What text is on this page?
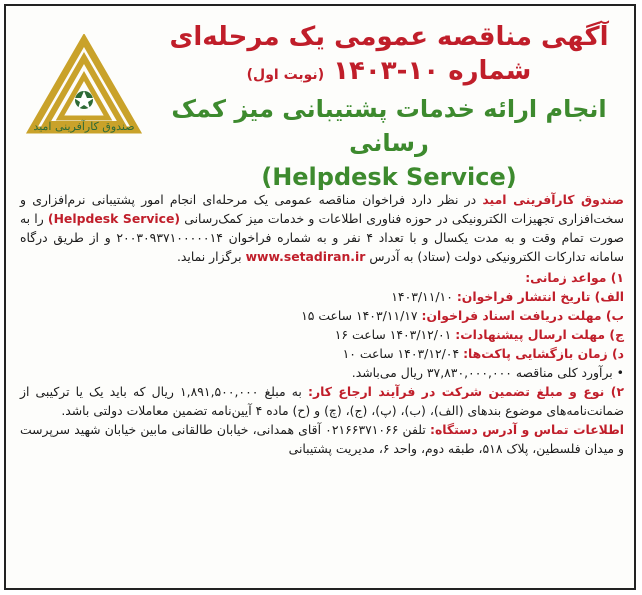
صندوق کارآفرینی امید
آگهی مناقصه عمومی یک مرحله‌ای
شماره ۱۰-۱۴۰۳ (نوبت اول)
انجام ارائه خدمات پشتیبانی میز کمک رسانی
(Helpdesk Service)

صندوق کارآفرینی امید در نظر دارد فراخوان مناقصه عمومی یک مرحله‌ای انجام امور پشتیبانی نرم‌افزاری و سخت‌افزاری تجهیزات الکترونیکی در حوزه فناوری اطلاعات و خدمات میز کمک‌رسانی (Helpdesk Service) را به صورت تمام وقت و به مدت یکسال و با تعداد ۴ نفر و به شماره فراخوان ۲۰۰۳۰۹۳۷۱۰۰۰۰۰۱۴ و از طریق درگاه سامانه تدارکات الکترونیکی دولت (ستاد) به آدرس www.setadiran.ir برگزار نماید.

۱) مواعد زمانی:
الف) تاریخ انتشار فراخوان: ۱۴۰۳/۱۱/۱۰
ب) مهلت دریافت اسناد فراخوان: ۱۴۰۳/۱۱/۱۷ ساعت ۱۵
ج) مهلت ارسال پیشنهادات: ۱۴۰۳/۱۲/۰۱ ساعت ۱۶
د) زمان بازگشایی پاکت‌ها: ۱۴۰۳/۱۲/۰۴ ساعت ۱۰
• برآورد کلی مناقصه ۳۷,۸۳۰,۰۰۰,۰۰۰ ریال می‌باشد.

۲) نوع و مبلغ تضمین شرکت در فرآیند ارجاع کار: به مبلغ ۱,۸۹۱,۵۰۰,۰۰۰ ریال که باید یک یا ترکیبی از ضمانت‌نامه‌های موضوع بندهای (الف)، (ب)، (پ)، (ج)، (چ) و (ح) ماده ۴ آیین‌نامه تضمین معاملات دولتی باشد.

اطلاعات تماس و آدرس دستگاه: تلفن ۰۲۱۶۶۳۷۱۰۶۶ آقای همدانی، خیابان طالقانی مابین خیابان شهید سرپرست و میدان فلسطین، پلاک ۵۱۸، طبقه دوم، واحد ۶، مدیریت پشتیبانی
